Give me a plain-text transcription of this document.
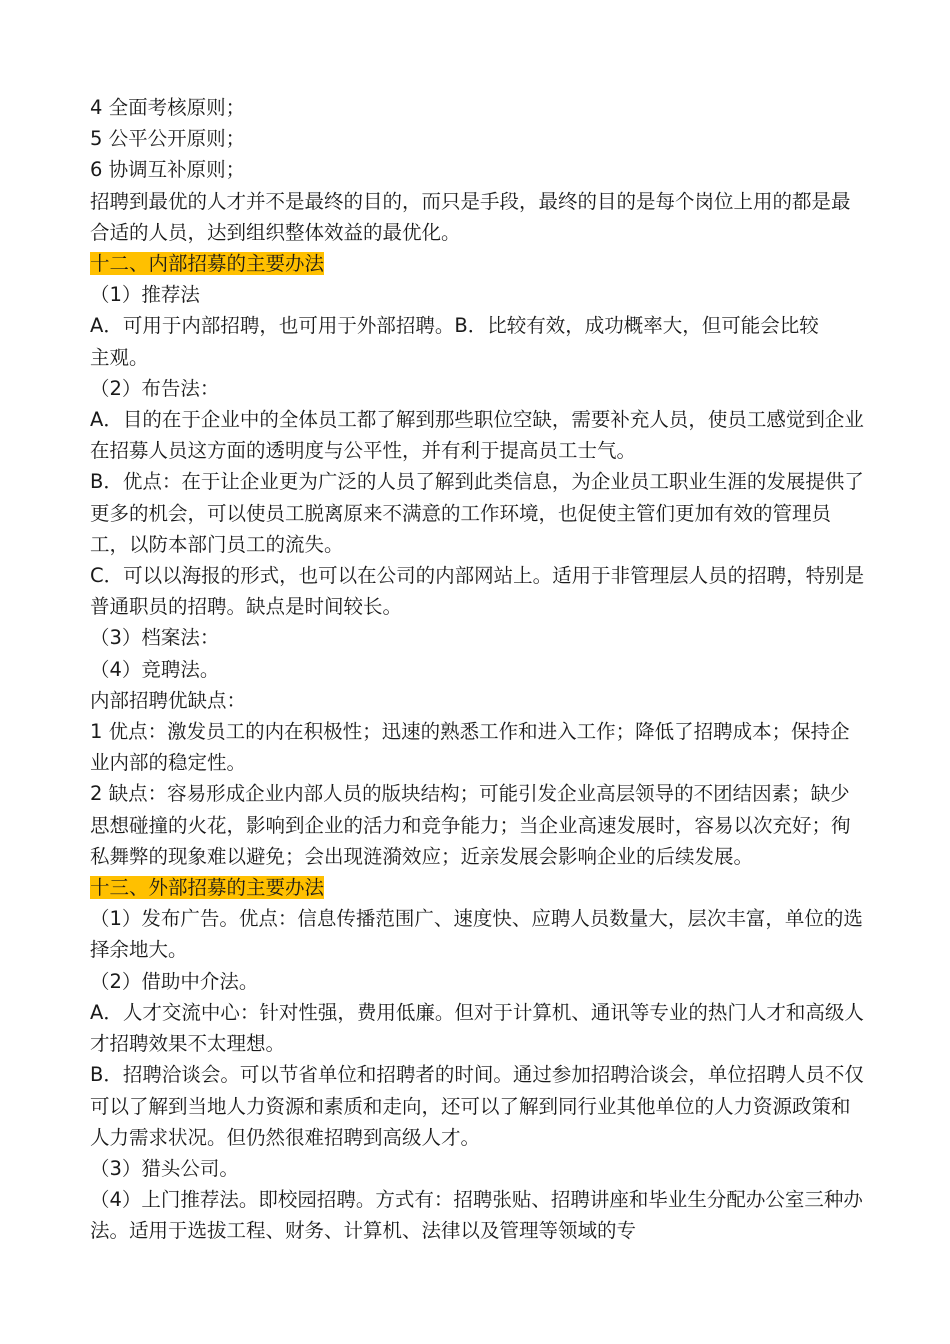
4 全面考核原则；

5 公平公开原则；

6 协调互补原则；

招聘到最优的人才并不是最终的目的，而只是手段，最终的目的是每个岗位上用的都是最合适的人员，达到组织整体效益的最优化。

十二、内部招募的主要办法

（1）推荐法

A．可用于内部招聘，也可用于外部招聘。B．比较有效，成功概率大，但可能会比较主观。

（2）布告法：

A．目的在于企业中的全体员工都了解到那些职位空缺，需要补充人员，使员工感觉到企业在招募人员这方面的透明度与公平性，并有利于提高员工士气。

B．优点：在于让企业更为广泛的人员了解到此类信息，为企业员工职业生涯的发展提供了更多的机会，可以使员工脱离原来不满意的工作环境，也促使主管们更加有效的管理员工，以防本部门员工的流失。

C．可以以海报的形式，也可以在公司的内部网站上。适用于非管理层人员的招聘，特别是普通职员的招聘。缺点是时间较长。

（3）档案法：

（4）竞聘法。

内部招聘优缺点：

1 优点：激发员工的内在积极性；迅速的熟悉工作和进入工作；降低了招聘成本；保持企业内部的稳定性。

2 缺点：容易形成企业内部人员的版块结构；可能引发企业高层领导的不团结因素；缺少思想碰撞的火花，影响到企业的活力和竞争能力；当企业高速发展时，容易以次充好；徇私舞弊的现象难以避免；会出现涟漪效应；近亲发展会影响企业的后续发展。

十三、外部招募的主要办法

（1）发布广告。优点：信息传播范围广、速度快、应聘人员数量大，层次丰富，单位的选择余地大。

（2）借助中介法。

A．人才交流中心：针对性强，费用低廉。但对于计算机、通讯等专业的热门人才和高级人才招聘效果不太理想。

B．招聘洽谈会。可以节省单位和招聘者的时间。通过参加招聘洽谈会，单位招聘人员不仅可以了解到当地人力资源和素质和走向，还可以了解到同行业其他单位的人力资源政策和人力需求状况。但仍然很难招聘到高级人才。

（3）猎头公司。

（4）上门推荐法。即校园招聘。方式有：招聘张贴、招聘讲座和毕业生分配办公室三种办法。适用于选拔工程、财务、计算机、法律以及管理等领域的专
